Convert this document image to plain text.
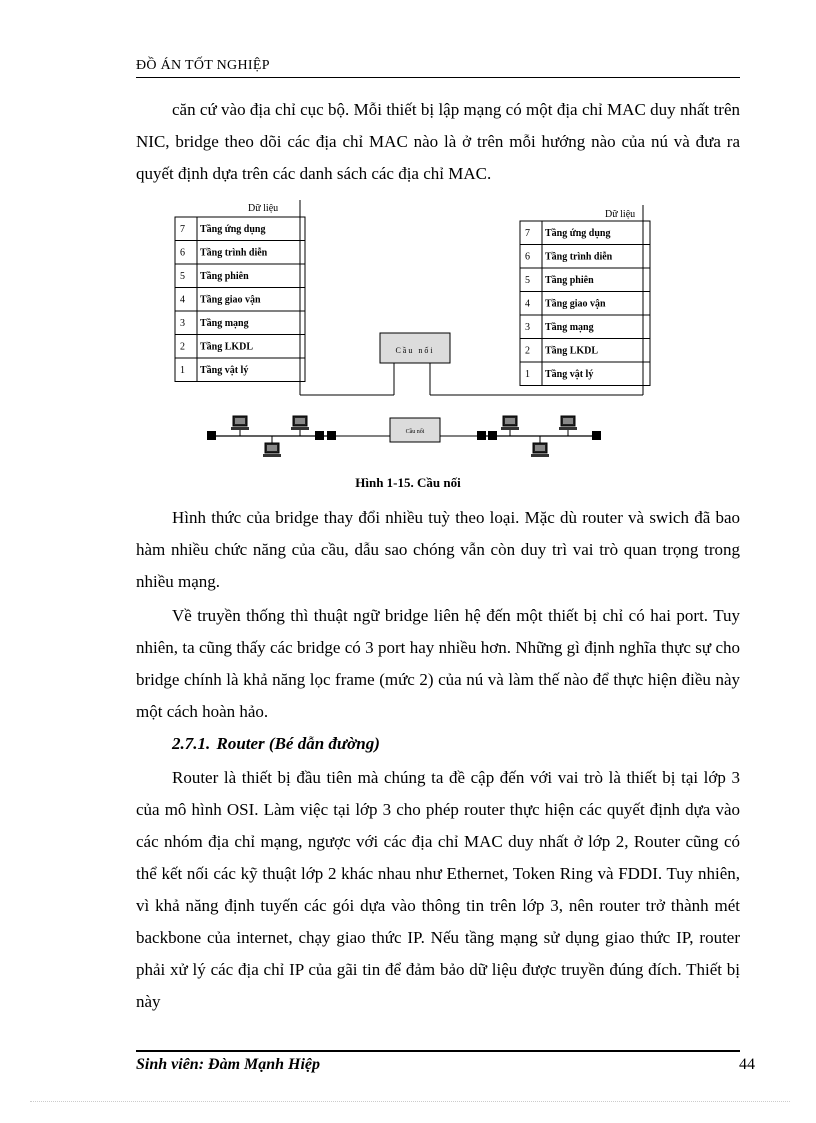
ĐỒ ÁN TỐT NGHIỆP

căn cứ vào địa chỉ cục bộ. Mỗi thiết bị lập mạng có một địa chỉ MAC duy nhất trên NIC, bridge theo dõi các địa chỉ MAC nào là ở trên mỗi hướng nào của nú và đưa ra quyết định dựa trên các danh sách các địa chỉ MAC.

Dữ liệu
7 Tầng ứng dụng
6 Tầng trình diễn
5 Tầng phiên
4 Tầng giao vận
3 Tầng mạng
2 Tầng LKDL
1 Tầng vật lý
Cầu nối
Dữ liệu
7 Tầng ứng dụng
6 Tầng trình diễn
5 Tầng phiên
4 Tầng giao vận
3 Tầng mạng
2 Tầng LKDL
1 Tầng vật lý
Cầu nối
Hình 1-15. Cầu nối

Hình thức của bridge thay đổi nhiều tuỳ theo loại. Mặc dù router và swich đã bao hàm nhiều chức năng của cầu, dẫu sao chóng vẫn còn duy trì vai trò quan trọng trong nhiều mạng.

Về truyền thống thì thuật ngữ bridge liên hệ đến một thiết bị chỉ có hai port. Tuy nhiên, ta cũng thấy các bridge có 3 port hay nhiều hơn. Những gì định nghĩa thực sự cho bridge chính là khả năng lọc frame (mức 2) của nú và làm thế nào để thực hiện điều này một cách hoàn hảo.

2.7.1. Router (Bé dẫn đường)

Router là thiết bị đầu tiên mà chúng ta đề cập đến với vai trò là thiết bị tại lớp 3 của mô hình OSI. Làm việc tại lớp 3 cho phép router thực hiện các quyết định dựa vào các nhóm địa chỉ mạng, ngược với các địa chỉ MAC duy nhất ở lớp 2, Router cũng có thể kết nối các kỹ thuật lớp 2 khác nhau như Ethernet, Token Ring và FDDI. Tuy nhiên, vì khả năng định tuyến các gói dựa vào thông tin trên lớp 3, nên router trở thành mét backbone của internet, chạy giao thức IP. Nếu tầng mạng sử dụng giao thức IP, router phải xử lý các địa chỉ IP của gãi tin để đảm bảo dữ liệu được truyền đúng đích. Thiết bị này

Sinh viên: Đàm Mạnh Hiệp	44
